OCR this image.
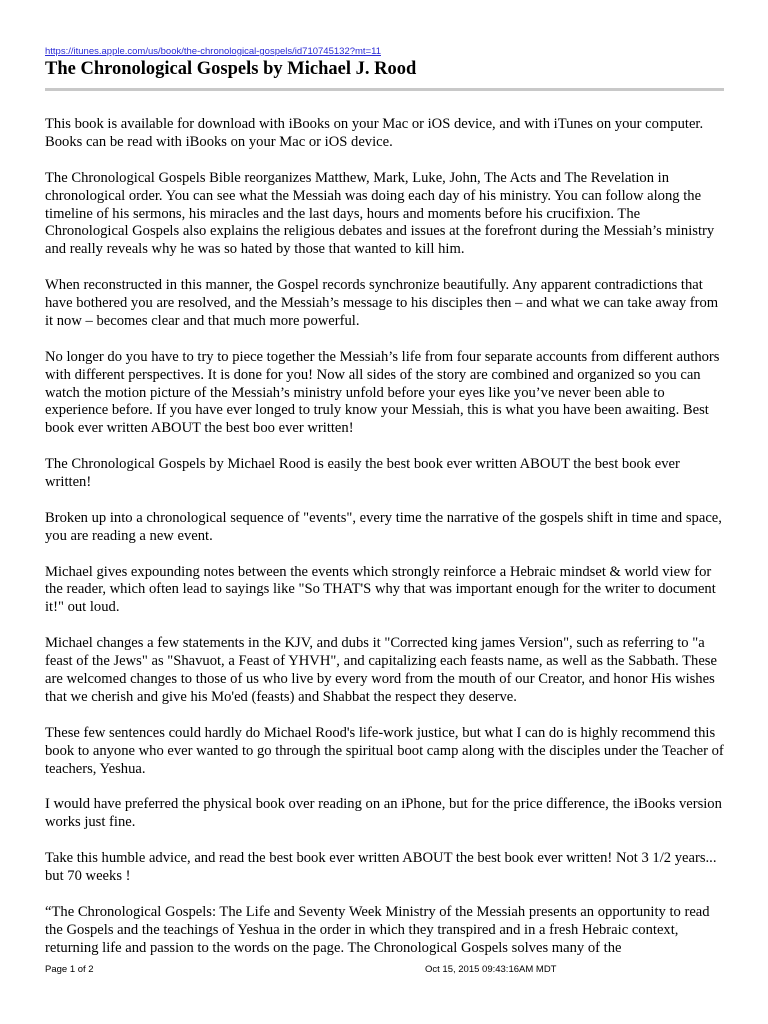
https://itunes.apple.com/us/book/the-chronological-gospels/id710745132?mt=11
The Chronological Gospels by Michael J. Rood

This book is available for download with iBooks on your Mac or iOS device, and with iTunes on your computer. Books can be read with iBooks on your Mac or iOS device.

The Chronological Gospels Bible reorganizes Matthew, Mark, Luke, John, The Acts and The Revelation in chronological order. You can see what the Messiah was doing each day of his ministry. You can follow along the timeline of his sermons, his miracles and the last days, hours and moments before his crucifixion. The Chronological Gospels also explains the religious debates and issues at the forefront during the Messiah’s ministry and really reveals why he was so hated by those that wanted to kill him.

When reconstructed in this manner, the Gospel records synchronize beautifully. Any apparent contradictions that have bothered you are resolved, and the Messiah’s message to his disciples then – and what we can take away from it now – becomes clear and that much more powerful.

No longer do you have to try to piece together the Messiah’s life from four separate accounts from different authors with different perspectives. It is done for you! Now all sides of the story are combined and organized so you can watch the motion picture of the Messiah’s ministry unfold before your eyes like you’ve never been able to experience before. If you have ever longed to truly know your Messiah, this is what you have been awaiting. Best book ever written ABOUT the best boo ever written!

The Chronological Gospels by Michael Rood is easily the best book ever written ABOUT the best book ever written!

Broken up into a chronological sequence of "events", every time the narrative of the gospels shift in time and space, you are reading a new event.

Michael gives expounding notes between the events which strongly reinforce a Hebraic mindset & world view for the reader, which often lead to sayings like "So THAT'S why that was important enough for the writer to document it!" out loud.

Michael changes a few statements in the KJV, and dubs it "Corrected king james Version", such as referring to "a feast of the Jews" as "Shavuot, a Feast of YHVH", and capitalizing each feasts name, as well as the Sabbath. These are welcomed changes to those of us who live by every word from the mouth of our Creator, and honor His wishes that we cherish and give his Mo'ed (feasts) and Shabbat the respect they deserve.

These few sentences could hardly do Michael Rood's life-work justice, but what I can do is highly recommend this book to anyone who ever wanted to go through the spiritual boot camp along with the disciples under the Teacher of teachers, Yeshua.

I would have preferred the physical book over reading on an iPhone, but for the price difference, the iBooks version works just fine.

Take this humble advice, and read the best book ever written ABOUT the best book ever written! Not 3 1/2 years... but 70 weeks !

“The Chronological Gospels: The Life and Seventy Week Ministry of the Messiah presents an opportunity to read the Gospels and the teachings of Yeshua in the order in which they transpired and in a fresh Hebraic context, returning life and passion to the words on the page. The Chronological Gospels solves many of the

Page 1 of 2	Oct 15, 2015 09:43:16AM MDT
